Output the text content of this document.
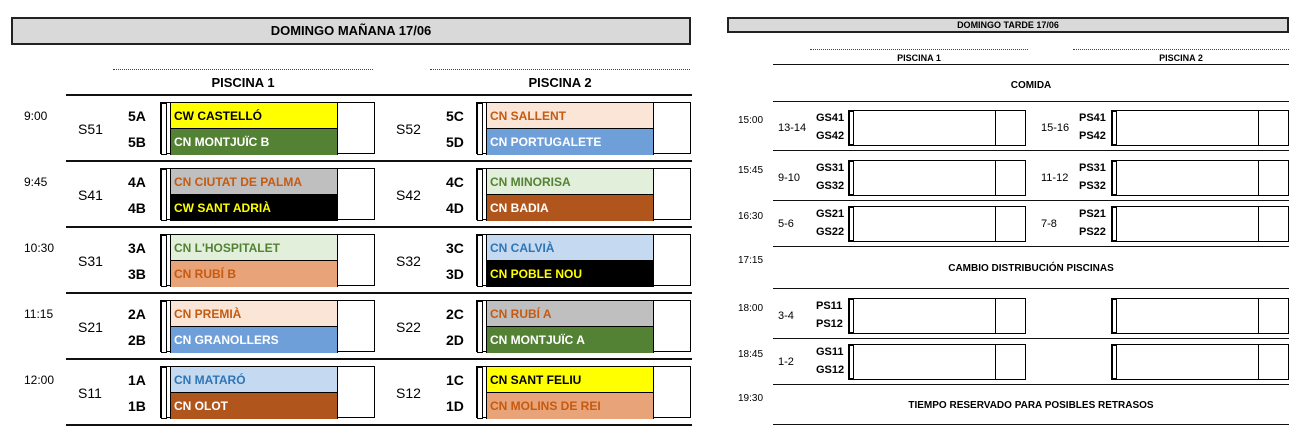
DOMINGO MAÑANA 17/06
PISCINA 1	PISCINA 2
9:00
S51
5A
5B
CW CASTELLÓ
CN MONTJUÏC B
S52
5C
5D
CN SALLENT
CN PORTUGALETE
9:45
S41
4A
4B
CN CIUTAT DE PALMA
CW SANT ADRIÀ
S42
4C
4D
CN MINORISA
CN BADIA
10:30
S31
3A
3B
CN L'HOSPITALET
CN RUBÍ B
S32
3C
3D
CN CALVIÀ
CN POBLE NOU
11:15
S21
2A
2B
CN PREMIÀ
CN GRANOLLERS
S22
2C
2D
CN RUBÍ A
CN MONTJUÏC A
12:00
S11
1A
1B
CN MATARÓ
CN OLOT
S12
1C
1D
CN SANT FELIU
CN MOLINS DE REI
DOMINGO TARDE 17/06
PISCINA 1	PISCINA 2
COMIDA
15:00
13-14
GS41
GS42
15-16
PS41
PS42
15:45
9-10
GS31
GS32
11-12
PS31
PS32
16:30
5-6
GS21
GS22
7-8
PS21
PS22
18:00
3-4
PS11
PS12
18:45
1-2
GS11
GS12
17:15
CAMBIO DISTRIBUCIÓN PISCINAS
19:30
TIEMPO RESERVADO PARA POSIBLES RETRASOS
